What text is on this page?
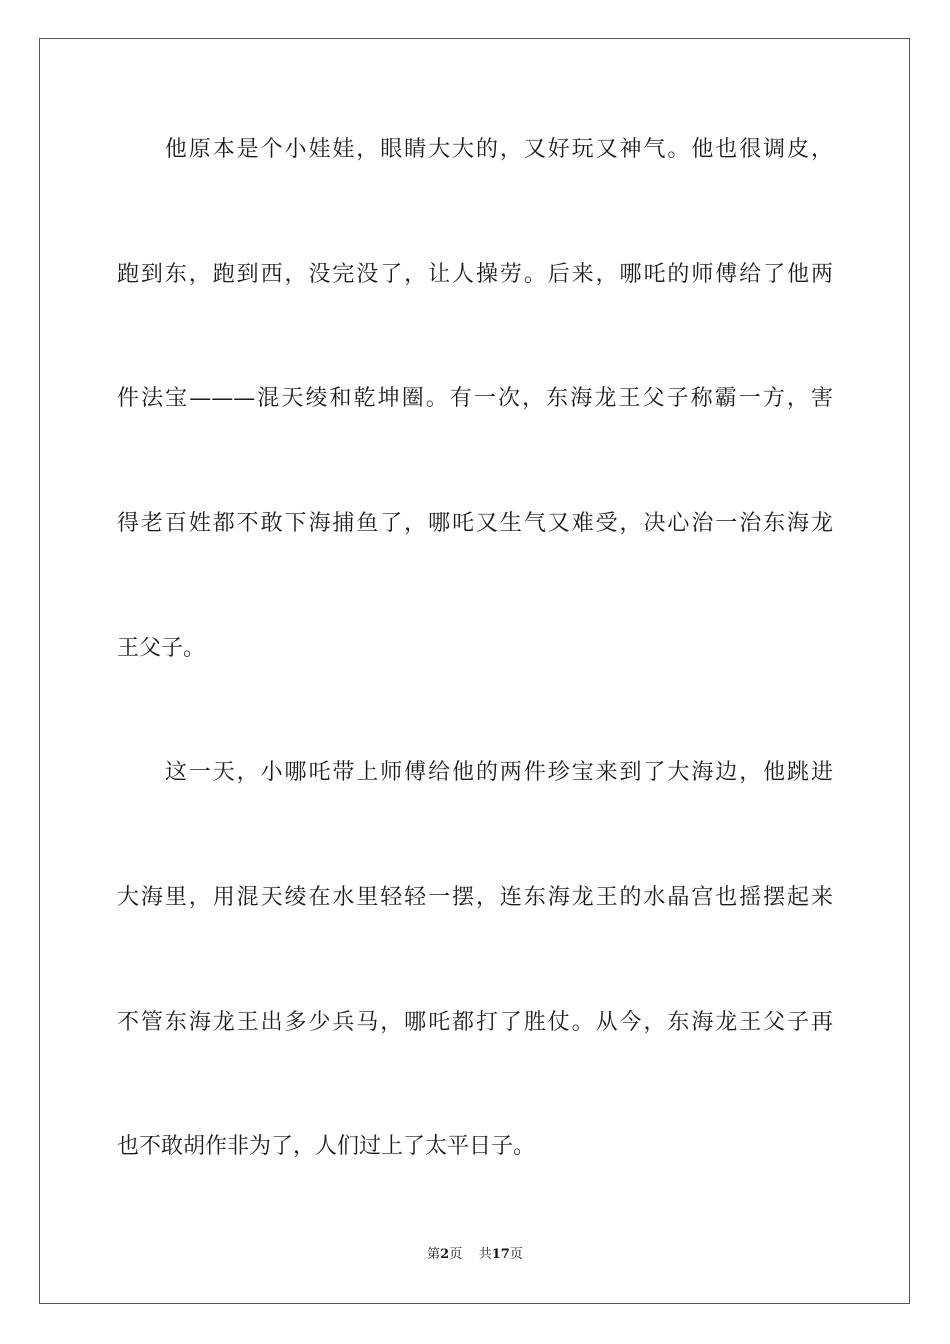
　　他原本是个小娃娃，眼睛大大的，又好玩又神气。他也很调皮，
跑到东，跑到西，没完没了，让人操劳。后来，哪吒的师傅给了他两
件法宝———混天绫和乾坤圈。有一次，东海龙王父子称霸一方，害
得老百姓都不敢下海捕鱼了，哪吒又生气又难受，决心治一治东海龙
王父子。
　　这一天，小哪吒带上师傅给他的两件珍宝来到了大海边，他跳进
大海里，用混天绫在水里轻轻一摆，连东海龙王的水晶宫也摇摆起来
不管东海龙王出多少兵马，哪吒都打了胜仗。从今，东海龙王父子再
也不敢胡作非为了，人们过上了太平日子。
第2页 共17页
